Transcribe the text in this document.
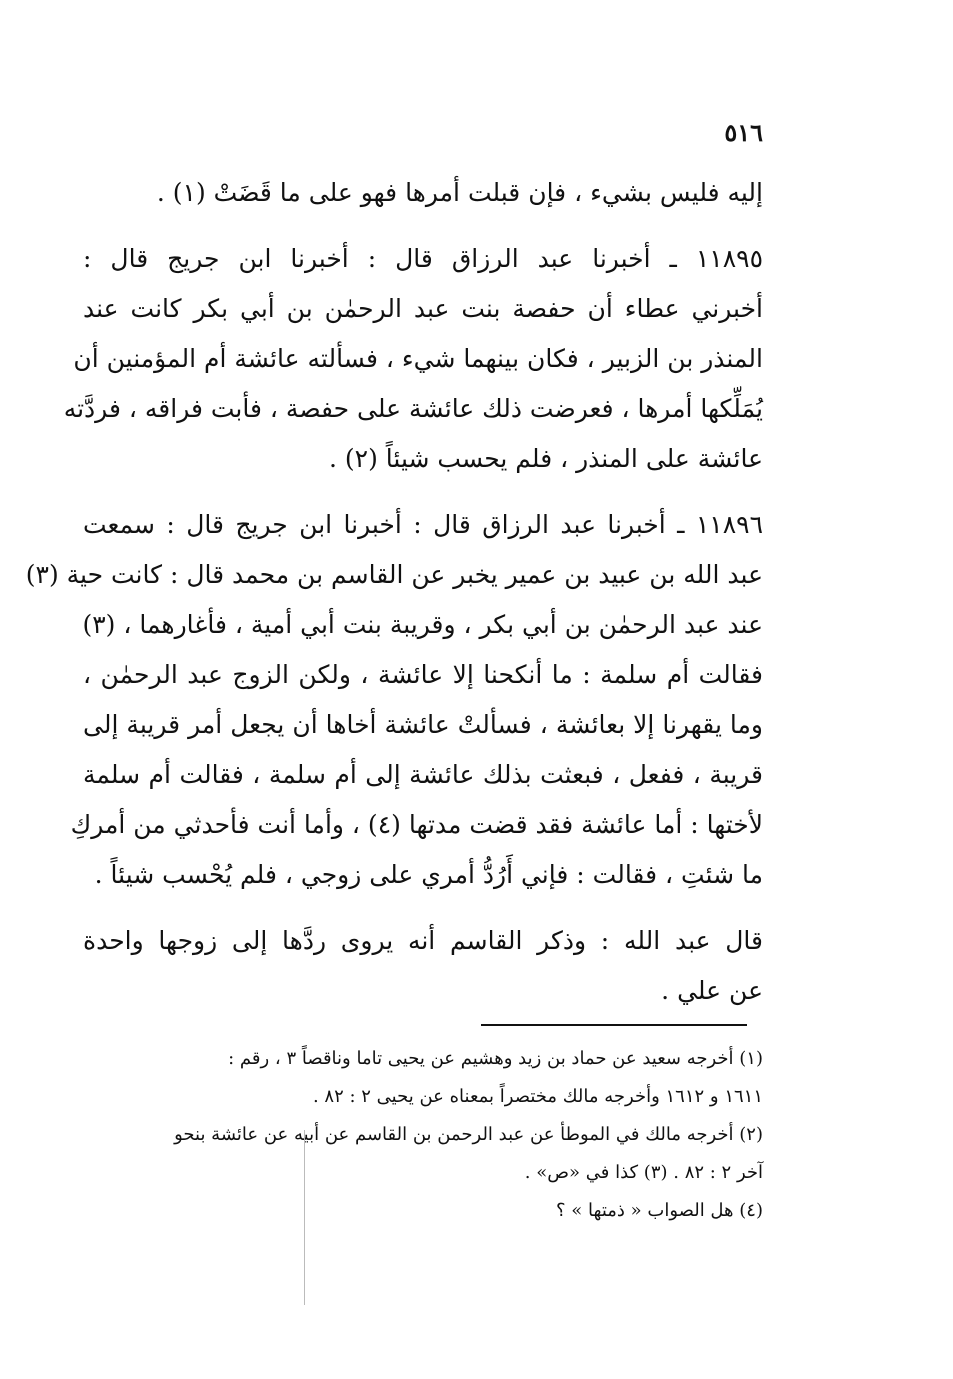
٥١٦

إليه فليس بشيء ، فإن قبلت أمرها فهو على ما قَضَتْ (١) .

١١٨٩٥ ـ أخبرنا عبد الرزاق قال : أخبرنا ابن جريج قال :
أخبرني عطاء أن حفصة بنت عبد الرحمٰن بن أبي بكر كانت عند
المنذر بن الزبير ، فكان بينهما شيء ، فسألته عائشة أم المؤمنين أن
يُمَلِّكها أمرها ، فعرضت ذلك عائشة على حفصة ، فأبت فراقه ، فردَّته
عائشة على المنذر ، فلم يحسب شيئاً (٢) .

١١٨٩٦ ـ أخبرنا عبد الرزاق قال : أخبرنا ابن جريج قال : سمعت
عبد الله بن عبيد بن عمير يخبر عن القاسم بن محمد قال : كانت حية (٣)
عند عبد الرحمٰن بن أبي بكر ، وقريبة بنت أبي أمية ، فأغارهما ، (٣)
فقالت أم سلمة : ما أنكحنا إلا عائشة ، ولكن الزوج عبد الرحمٰن ،
وما يقهرنا إلا بعائشة ، فسألتْ عائشة أخاها أن يجعل أمر قريبة إلى
قريبة ، ففعل ، فبعثت بذلك عائشة إلى أم سلمة ، فقالت أم سلمة
لأختها : أما عائشة فقد قضت مدتها (٤) ، وأما أنت فأحدثي من أمركِ
ما شئتِ ، فقالت : فإني أَرُدُّ أمري على زوجي ، فلم يُحْسب شيئاً .

قال عبد الله : وذكر القاسم أنه يروى ردَّها إلى زوجها واحدة
عن علي .

(١) أخرجه سعيد عن حماد بن زيد وهشيم عن يحيى تاما وناقصاً ٣ ، رقم :
١٦١١ و ١٦١٢ وأخرجه مالك مختصراً بمعناه عن يحيى ٢ : ٨٢ .
(٢) أخرجه مالك في الموطأ عن عبد الرحمن بن القاسم عن أبيه عن عائشة بنحو
آخر ٢ : ٨٢ . (٣) كذا في «ص» .
(٤) هل الصواب « ذمتها » ؟
